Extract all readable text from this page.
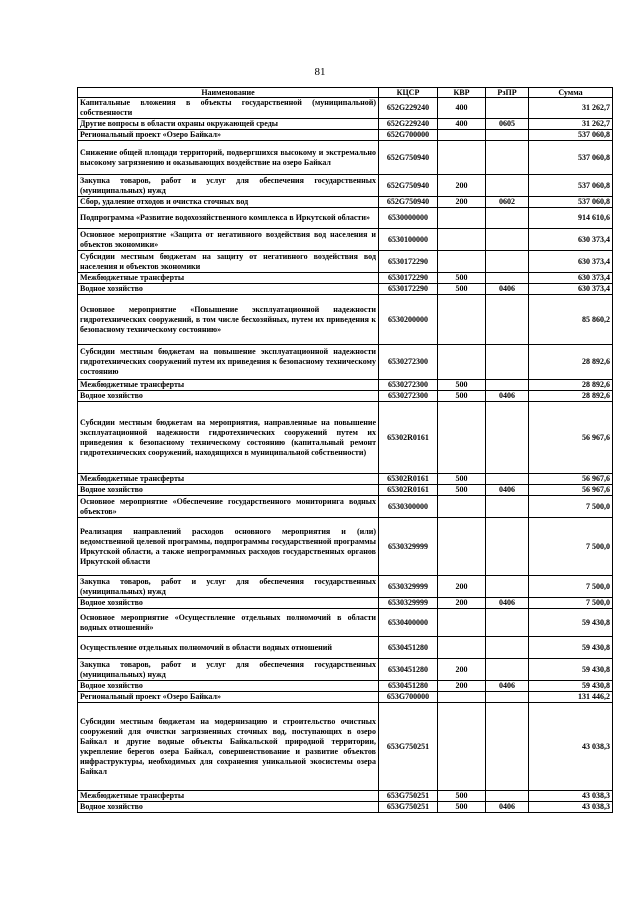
81
Наименование	КЦСР	КВР	РзПР	Сумма
Капитальные вложения в объекты государственной (муниципальной) собственности	652G229240	400		31 262,7
Другие вопросы в области охраны окружающей среды	652G229240	400	0605	31 262,7
Региональный проект «Озеро Байкал»	652G700000			537 060,8
Снижение общей площади территорий, подвергшихся высокому и экстремально высокому загрязнению и оказывающих воздействие на озеро Байкал	652G750940			537 060,8
Закупка товаров, работ и услуг для обеспечения государственных (муниципальных) нужд	652G750940	200		537 060,8
Сбор, удаление отходов и очистка сточных вод	652G750940	200	0602	537 060,8
Подпрограмма «Развитие водохозяйственного комплекса в Иркутской области»	6530000000			914 610,6
Основное мероприятие «Защита от негативного воздействия вод населения и объектов экономики»	6530100000			630 373,4
Субсидии местным бюджетам на защиту от негативного воздействия вод населения и объектов экономики	6530172290			630 373,4
Межбюджетные трансферты	6530172290	500		630 373,4
Водное хозяйство	6530172290	500	0406	630 373,4
Основное мероприятие «Повышение эксплуатационной надежности гидротехнических сооружений, в том числе бесхозяйных, путем их приведения к безопасному техническому состоянию»	6530200000			85 860,2
Субсидии местным бюджетам на повышение эксплуатационной надежности гидротехнических сооружений путем их приведения к безопасному техническому состоянию	6530272300			28 892,6
Межбюджетные трансферты	6530272300	500		28 892,6
Водное хозяйство	6530272300	500	0406	28 892,6
Субсидии местным бюджетам на мероприятия, направленные на повышение эксплуатационной надежности гидротехнических сооружений путем их приведения к безопасному техническому состоянию (капитальный ремонт гидротехнических сооружений, находящихся в муниципальной собственности)	65302R0161			56 967,6
Межбюджетные трансферты	65302R0161	500		56 967,6
Водное хозяйство	65302R0161	500	0406	56 967,6
Основное мероприятие «Обеспечение государственного мониторинга водных объектов»	6530300000			7 500,0
Реализация направлений расходов основного мероприятия и (или) ведомственной целевой программы, подпрограммы государственной программы Иркутской области, а также непрограммных расходов государственных органов Иркутской области	6530329999			7 500,0
Закупка товаров, работ и услуг для обеспечения государственных (муниципальных) нужд	6530329999	200		7 500,0
Водное хозяйство	6530329999	200	0406	7 500,0
Основное мероприятие «Осуществление отдельных полномочий в области водных отношений»	6530400000			59 430,8
Осуществление отдельных полномочий в области водных отношений	6530451280			59 430,8
Закупка товаров, работ и услуг для обеспечения государственных (муниципальных) нужд	6530451280	200		59 430,8
Водное хозяйство	6530451280	200	0406	59 430,8
Региональный проект «Озеро Байкал»	653G700000			131 446,2
Субсидии местным бюджетам на модернизацию и строительство очистных сооружений для очистки загрязненных сточных вод, поступающих в озеро Байкал и другие водные объекты Байкальской природной территории, укрепление берегов озера Байкал, совершенствование и развитие объектов инфраструктуры, необходимых для сохранения уникальной экосистемы озера Байкал	653G750251			43 038,3
Межбюджетные трансферты	653G750251	500		43 038,3
Водное хозяйство	653G750251	500	0406	43 038,3
